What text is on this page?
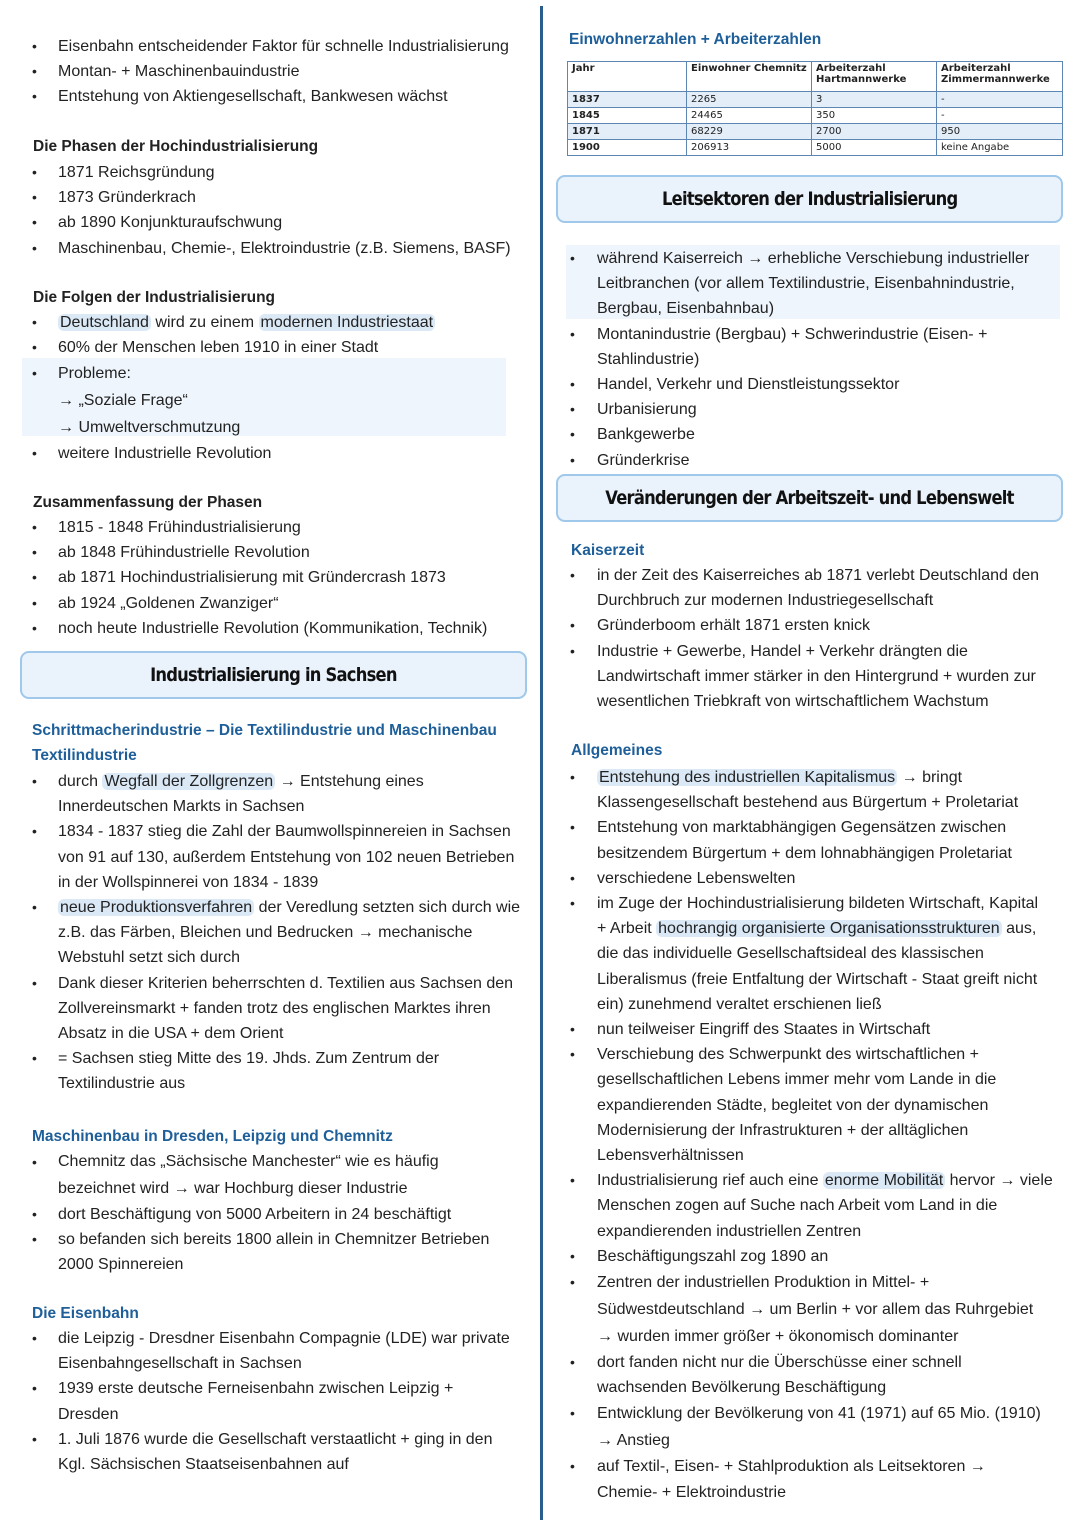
• Eisenbahn entscheidender Faktor für schnelle Industrialisierung
• Montan- + Maschinenbauindustrie
• Entstehung von Aktiengesellschaft, Bankwesen wächst
Die Phasen der Hochindustrialisierung
• 1871 Reichsgründung
• 1873 Gründerkrach
• ab 1890 Konjunkturaufschwung
• Maschinenbau, Chemie-, Elektroindustrie (z.B. Siemens, BASF)
Die Folgen der Industrialisierung
• Deutschland wird zu einem modernen Industriestaat
• 60% der Menschen leben 1910 in einer Stadt
• Probleme:
→ „Soziale Frage“
→ Umweltverschmutzung
• weitere Industrielle Revolution
Zusammenfassung der Phasen
• 1815 - 1848 Frühindustrialisierung
• ab 1848 Frühindustrielle Revolution
• ab 1871 Hochindustrialisierung mit Gründercrash 1873
• ab 1924 „Goldenen Zwanziger“
• noch heute Industrielle Revolution (Kommunikation, Technik)
Industrialisierung in Sachsen
Schrittmacherindustrie – Die Textilindustrie und Maschinenbau
Textilindustrie
• durch Wegfall der Zollgrenzen → Entstehung eines
Innerdeutschen Markts in Sachsen
• 1834 - 1837 stieg die Zahl der Baumwollspinnereien in Sachsen
von 91 auf 130, außerdem Entstehung von 102 neuen Betrieben
in der Wollspinnerei von 1834 - 1839
• neue Produktionsverfahren der Veredlung setzten sich durch wie
z.B. das Färben, Bleichen und Bedrucken → mechanische
Webstuhl setzt sich durch
• Dank dieser Kriterien beherrschten d. Textilien aus Sachsen den
Zollvereinsmarkt + fanden trotz des englischen Marktes ihren
Absatz in die USA + dem Orient
• = Sachsen stieg Mitte des 19. Jhds. Zum Zentrum der
Textilindustrie aus
Maschinenbau in Dresden, Leipzig und Chemnitz
• Chemnitz das „Sächsische Manchester“ wie es häufig
bezeichnet wird → war Hochburg dieser Industrie
• dort Beschäftigung von 5000 Arbeitern in 24 beschäftigt
• so befanden sich bereits 1800 allein in Chemnitzer Betrieben
2000 Spinnereien
Die Eisenbahn
• die Leipzig - Dresdner Eisenbahn Compagnie (LDE) war private
Eisenbahngesellschaft in Sachsen
• 1939 erste deutsche Ferneisenbahn zwischen Leipzig +
Dresden
• 1. Juli 1876 wurde die Gesellschaft verstaatlicht + ging in den
Kgl. Sächsischen Staatseisenbahnen auf
Einwohnerzahlen + Arbeiterzahlen
Jahr	Einwohner Chemnitz	Arbeiterzahl Hartmannwerke	Arbeiterzahl Zimmermannwerke
1837	2265	3	-
1845	24465	350	-
1871	68229	2700	950
1900	206913	5000	keine Angabe
Leitsektoren der Industrialisierung
• während Kaiserreich → erhebliche Verschiebung industrieller
Leitbranchen (vor allem Textilindustrie, Eisenbahnindustrie,
Bergbau, Eisenbahnbau)
• Montanindustrie (Bergbau) + Schwerindustrie (Eisen- +
Stahlindustrie)
• Handel, Verkehr und Dienstleistungssektor
• Urbanisierung
• Bankgewerbe
• Gründerkrise
Veränderungen der Arbeitszeit- und Lebenswelt
Kaiserzeit
• in der Zeit des Kaiserreiches ab 1871 verlebt Deutschland den
Durchbruch zur modernen Industriegesellschaft
• Gründerboom erhält 1871 ersten knick
• Industrie + Gewerbe, Handel + Verkehr drängten die
Landwirtschaft immer stärker in den Hintergrund + wurden zur
wesentlichen Triebkraft von wirtschaftlichem Wachstum
Allgemeines
• Entstehung des industriellen Kapitalismus → bringt
Klassengesellschaft bestehend aus Bürgertum + Proletariat
• Entstehung von marktabhängigen Gegensätzen zwischen
besitzendem Bürgertum + dem lohnabhängigen Proletariat
• verschiedene Lebenswelten
• im Zuge der Hochindustrialisierung bildeten Wirtschaft, Kapital
+ Arbeit hochrangig organisierte Organisationsstrukturen aus,
die das individuelle Gesellschaftsideal des klassischen
Liberalismus (freie Entfaltung der Wirtschaft - Staat greift nicht
ein) zunehmend veraltet erschienen ließ
• nun teilweiser Eingriff des Staates in Wirtschaft
• Verschiebung des Schwerpunkt des wirtschaftlichen +
gesellschaftlichen Lebens immer mehr vom Lande in die
expandierenden Städte, begleitet von der dynamischen
Modernisierung der Infrastrukturen + der alltäglichen
Lebensverhältnissen
• Industrialisierung rief auch eine enorme Mobilität hervor → viele
Menschen zogen auf Suche nach Arbeit vom Land in die
expandierenden industriellen Zentren
• Beschäftigungszahl zog 1890 an
• Zentren der industriellen Produktion in Mittel- +
Südwestdeutschland → um Berlin + vor allem das Ruhrgebiet
→ wurden immer größer + ökonomisch dominanter
• dort fanden nicht nur die Überschüsse einer schnell
wachsenden Bevölkerung Beschäftigung
• Entwicklung der Bevölkerung von 41 (1971) auf 65 Mio. (1910)
→ Anstieg
• auf Textil-, Eisen- + Stahlproduktion als Leitsektoren →
Chemie- + Elektroindustrie
